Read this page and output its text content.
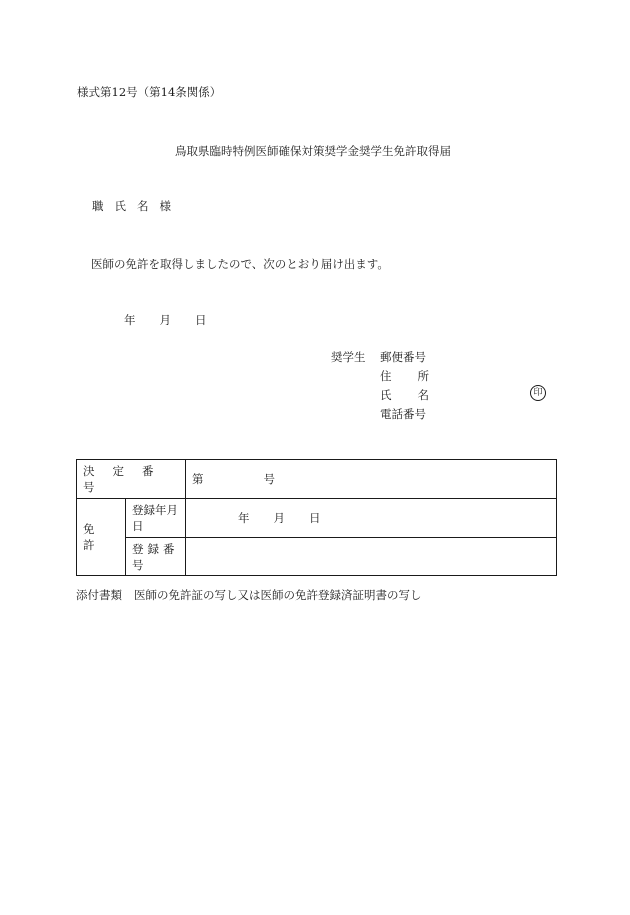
様式第12号（第14条関係）
鳥取県臨時特例医師確保対策奨学金奨学生免許取得届
職氏名様
医師の免許を取得しましたので、次のとおり届け出ます。
年 月 日
奨学生 郵便番号
住所
氏名	印
電話番号
決定番号		第 号
免許	登録年月日	年 月 日
	登録番号	
添付書類 医師の免許証の写し又は医師の免許登録済証明書の写し
